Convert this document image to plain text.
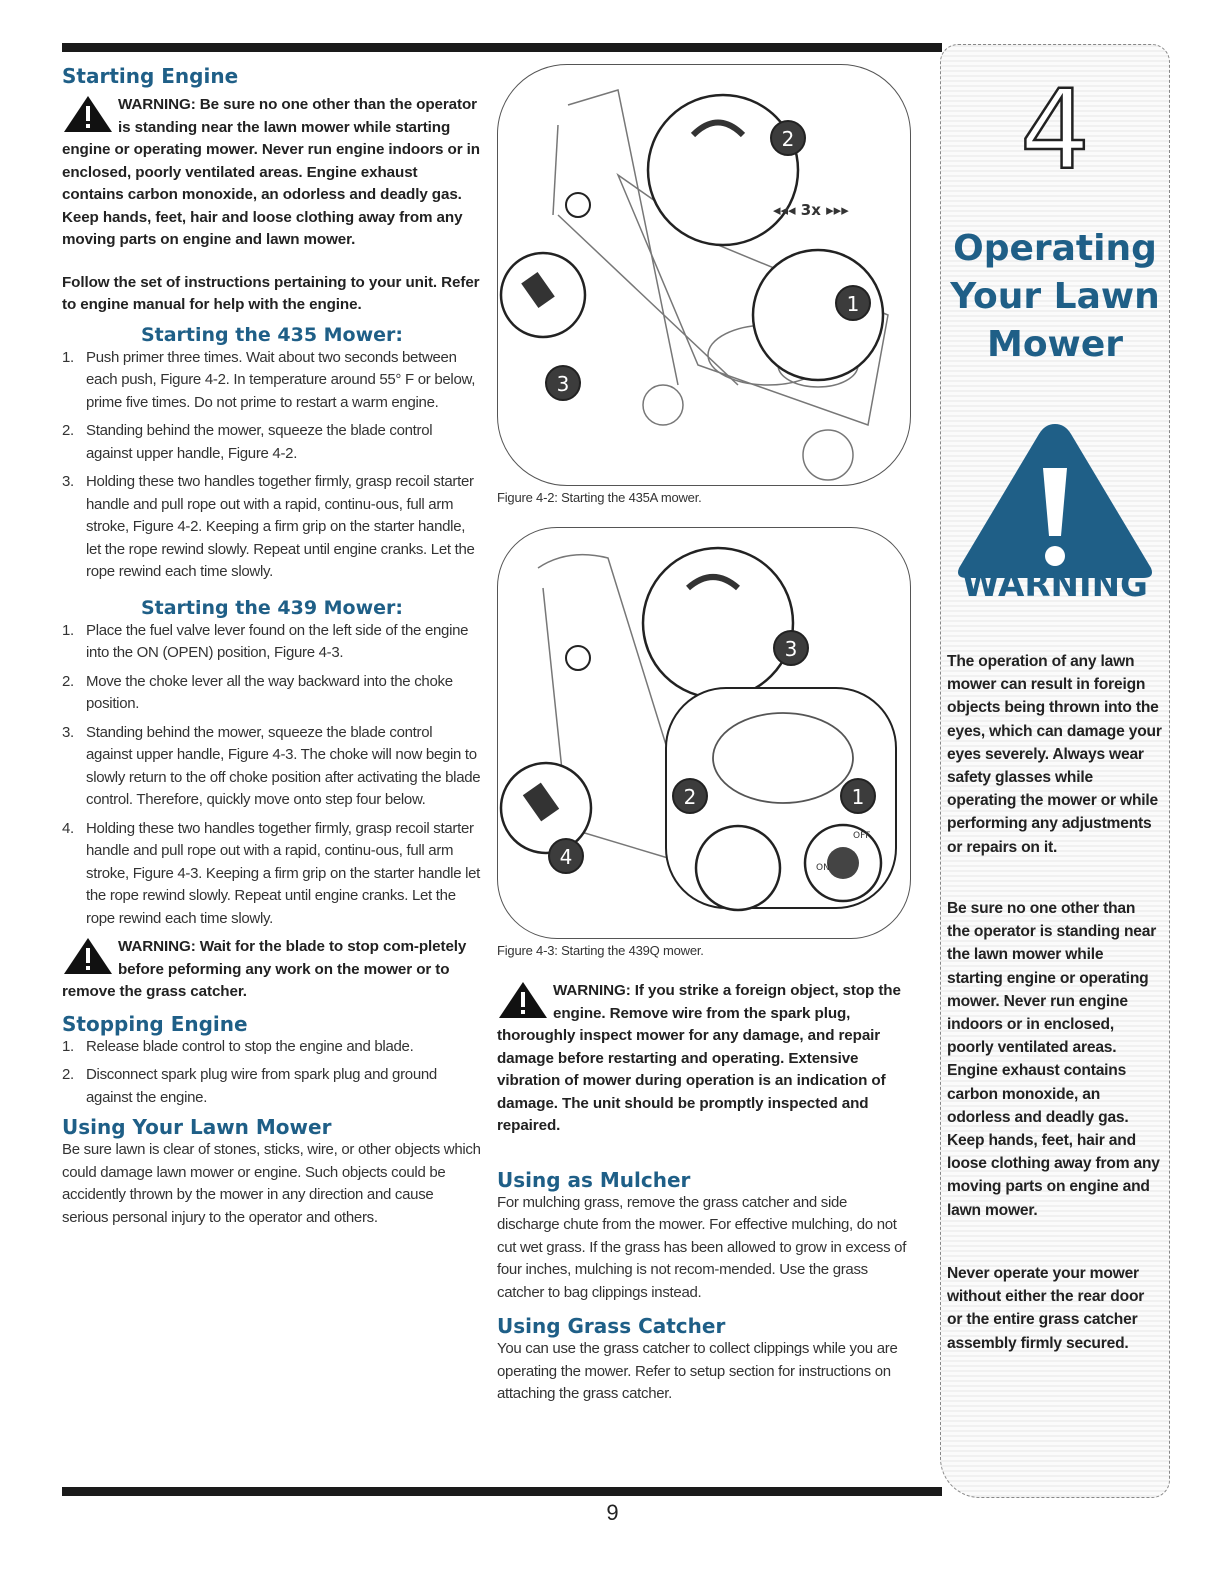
Starting Engine
WARNING: Be sure no one other than the operator is standing near the lawn mower while starting engine or operating mower. Never run engine indoors or in enclosed, poorly ventilated areas. Engine exhaust contains carbon monoxide, an odorless and deadly gas. Keep hands, feet, hair and loose clothing away from any moving parts on engine and lawn mower.
Follow the set of instructions pertaining to your unit. Refer to engine manual for help with the engine.
Starting the 435 Mower:
1. Push primer three times. Wait about two seconds between each push, Figure 4-2. In temperature around 55° F or below, prime five times. Do not prime to restart a warm engine.
2. Standing behind the mower, squeeze the blade control against upper handle, Figure 4-2.
3. Holding these two handles together firmly, grasp recoil starter handle and pull rope out with a rapid, continu-ous, full arm stroke, Figure 4-2. Keeping a firm grip on the starter handle, let the rope rewind slowly. Repeat until engine cranks. Let the rope rewind each time slowly.
Starting the 439 Mower:
1. Place the fuel valve lever found on the left side of the engine into the ON (OPEN) position, Figure 4-3.
2. Move the choke lever all the way backward into the choke position.
3. Standing behind the mower, squeeze the blade control against upper handle, Figure 4-3. The choke will now begin to slowly return to the off choke position after activating the blade control. Therefore, quickly move onto step four below.
4. Holding these two handles together firmly, grasp recoil starter handle and pull rope out with a rapid, continu-ous, full arm stroke, Figure 4-3. Keeping a firm grip on the starter handle let the rope rewind slowly. Repeat until engine cranks. Let the rope rewind each time slowly.
WARNING: Wait for the blade to stop com-pletely before peforming any work on the mower or to remove the grass catcher.
Stopping Engine
1. Release blade control to stop the engine and blade.
2. Disconnect spark plug wire from spark plug and ground against the engine.
Using Your Lawn Mower

Be sure lawn is clear of stones, sticks, wire, or other objects which could damage lawn mower or engine. Such objects could be accidently thrown by the mower in any direction and cause serious personal injury to the operator and others.

◂◂◂ 3x ▸▸▸
1
2
3
Figure 4-2: Starting the 435A mower.
OFF
ON
1
2
3
4
Figure 4-3: Starting the 439Q mower.
WARNING: If you strike a foreign object, stop the engine. Remove wire from the spark plug, thoroughly inspect mower for any damage, and repair damage before restarting and operating. Extensive vibration of mower during operation is an indication of damage. The unit should be promptly inspected and repaired.
Using as Mulcher

For mulching grass, remove the grass catcher and side discharge chute from the mower. For effective mulching, do not cut wet grass. If the grass has been allowed to grow in excess of four inches, mulching is not recom-mended. Use the grass catcher to bag clippings instead.

Using Grass Catcher

You can use the grass catcher to collect clippings while you are operating the mower. Refer to setup section for instructions on attaching the grass catcher.

4
Operating
Your Lawn
Mower
WARNING
The operation of any lawn mower can result in foreign objects being thrown into the eyes, which can damage your eyes severely. Always wear safety glasses while operating the mower or while performing any adjustments or repairs on it.
Be sure no one other than the operator is standing near the lawn mower while starting engine or operating mower. Never run engine indoors or in enclosed, poorly ventilated areas. Engine exhaust contains carbon monoxide, an odorless and deadly gas. Keep hands, feet, hair and loose clothing away from any moving parts on engine and lawn mower.
Never operate your mower without either the rear door or the entire grass catcher assembly firmly secured.
9
